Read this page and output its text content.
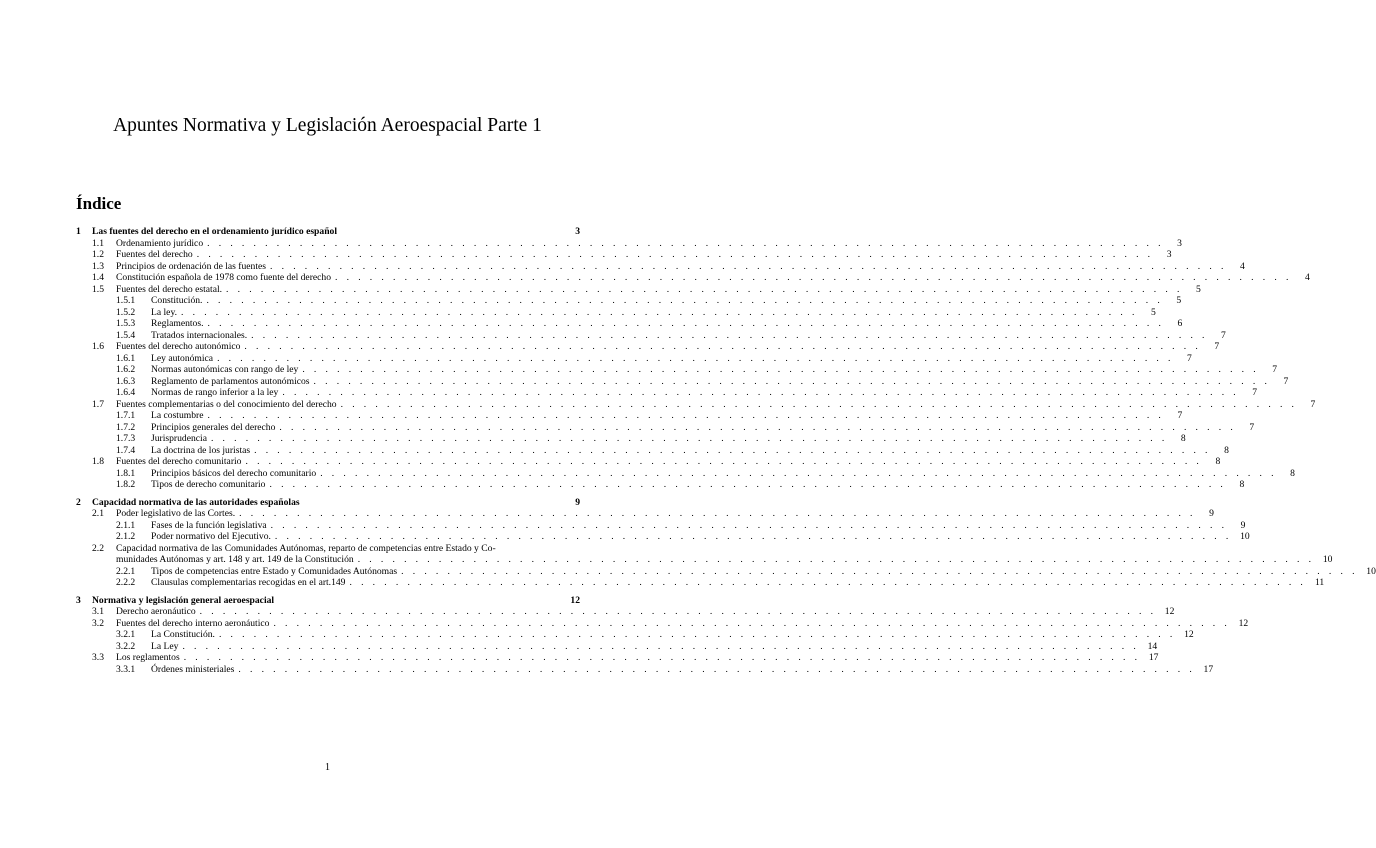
Apuntes Normativa y Legislación Aeroespacial Parte 1
Índice
1	Las fuentes del derecho en el ordenamiento jurídico español	3
1.1	Ordenamiento jurídico . . .	3
1.2	Fuentes del derecho . . .	3
1.3	Principios de ordenación de las fuentes . . .	4
1.4	Constitución española de 1978 como fuente del derecho . . .	4
1.5	Fuentes del derecho estatal. . . .	5
1.5.1	Constitución. . . .	5
1.5.2	La ley. . . .	5
1.5.3	Reglamentos. . . .	6
1.5.4	Tratados internacionales. . . .	7
1.6	Fuentes del derecho autonómico . . .	7
1.6.1	Ley autonómica . . .	7
1.6.2	Normas autonómicas con rango de ley . . .	7
1.6.3	Reglamento de parlamentos autonómicos . . .	7
1.6.4	Normas de rango inferior a la ley . . .	7
1.7	Fuentes complementarias o del conocimiento del derecho . . .	7
1.7.1	La costumbre . . .	7
1.7.2	Principios generales del derecho . . .	7
1.7.3	Jurisprudencia . . .	8
1.7.4	La doctrina de los juristas . . .	8
1.8	Fuentes del derecho comunitario . . .	8
1.8.1	Principios básicos del derecho comunitario . . .	8
1.8.2	Tipos de derecho comunitario . . .	8
2	Capacidad normativa de las autoridades españolas	9
2.1	Poder legislativo de las Cortes. . . .	9
2.1.1	Fases de la función legislativa . . .	9
2.1.2	Poder normativo del Ejecutivo. . . .	10
2.2	Capacidad normativa de las Comunidades Autónomas, reparto de competencias entre Estado y Co-
munidades Autónomas y art. 148 y art. 149 de la Constitución . . .	10
2.2.1	Tipos de competencias entre Estado y Comunidades Autónomas . . .	10
2.2.2	Clausulas complementarias recogidas en el art.149 . . .	11
3	Normativa y legislación general aeroespacial	12
3.1	Derecho aeronáutico . . .	12
3.2	Fuentes del derecho interno aeronáutico . . .	12
3.2.1	La Constitución. . . .	12
3.2.2	La Ley . . .	14
3.3	Los reglamentos . . .	17
3.3.1	Órdenes ministeriales . . .	17
1
